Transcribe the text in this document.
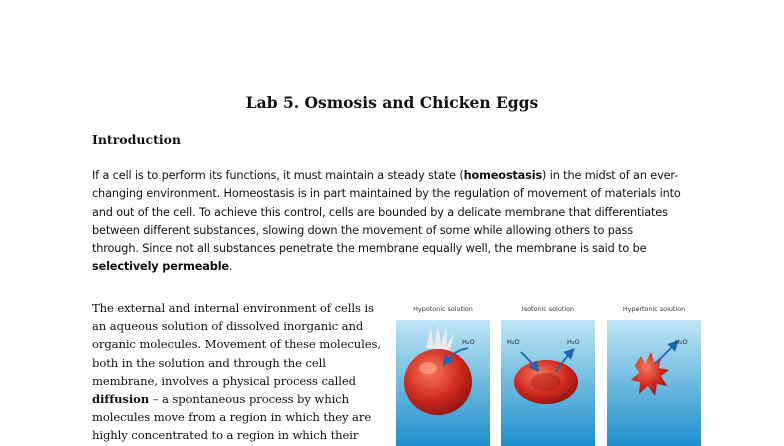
Lab 5. Osmosis and Chicken Eggs
Introduction

If a cell is to perform its functions, it must maintain a steady state (homeostasis) in the midst of an ever-
changing environment. Homeostasis is in part maintained by the regulation of movement of materials into
and out of the cell. To achieve this control, cells are bounded by a delicate membrane that differentiates
between different substances, slowing down the movement of some while allowing others to pass
through. Since not all substances penetrate the membrane equally well, the membrane is said to be
selectively permeable.

The external and internal environment of cells is
an aqueous solution of dissolved inorganic and
organic molecules. Movement of these molecules,
both in the solution and through the cell
membrane, involves a physical process called
diffusion – a spontaneous process by which
molecules move from a region in which they are
highly concentrated to a region in which their

Hypotonic solution	Isotonic solution	Hypertonic solution
H₂O	H₂O	H₂O	H₂O
